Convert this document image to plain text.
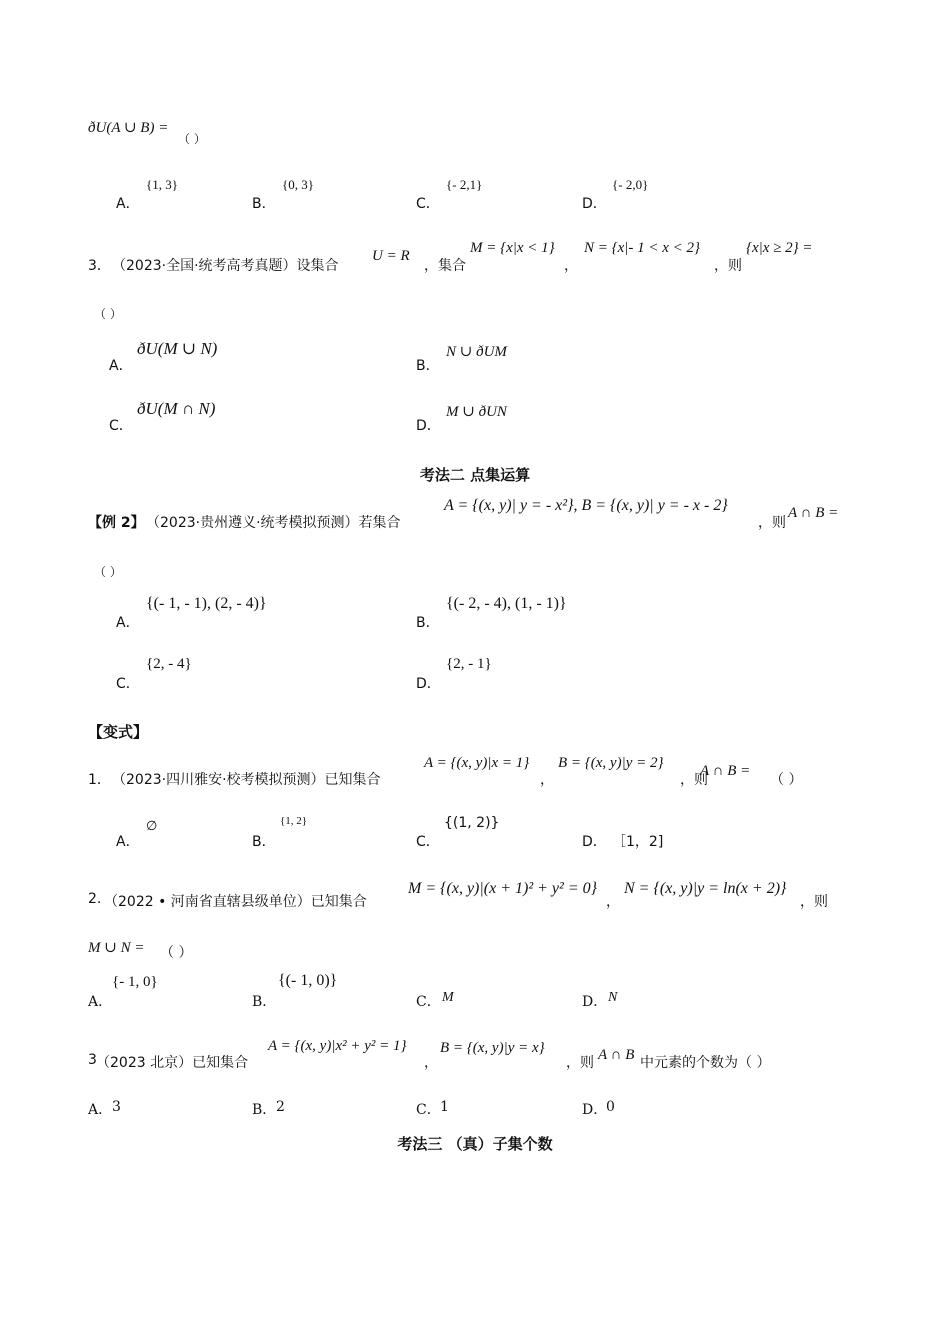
ðU(A ∪ B) =
（ ）
A．
{1, 3}
B．
{0, 3}
C．
{- 2,1}
D．
{- 2,0}
3． （2023·全国·统考高考真题）设集合
U = R
，集合
M = {x|x < 1}
，
N = {x|- 1 < x < 2}
，则
{x|x ≥ 2} =
（ ）
A．
ðU(M ∪ N)
B．
N ∪ ðUM
C．
ðU(M ∩ N)
D．
M ∪ ðUN
考法二 点集运算
【例 2】 （2023·贵州遵义·统考模拟预测）若集合
A = {(x, y)| y = - x²}, B = {(x, y)| y = - x - 2}
，则
A ∩ B =
（ ）
A．
{(- 1, - 1), (2, - 4)}
B．
{(- 2, - 4), (1, - 1)}
C．
{2, - 4}
D．
{2, - 1}
【变式】
1． （2023·四川雅安·校考模拟预测）已知集合
A = {(x, y)|x = 1}
，
B = {(x, y)|y = 2}
，则
A ∩ B =
（ ）
A．
∅
B．
{1, 2}
C．
{(1, 2)}
D． ［1，2]
2. （2022 • 河南省直辖县级单位）已知集合
M = {(x, y)|(x + 1)² + y² = 0}
，
N = {(x, y)|y = ln(x + 2)}
，则
M ∪ N = （ ）
A．
{- 1, 0}
B．
{(- 1, 0)}
C． M	D． N
3 （2023 北京）已知集合
A = {(x, y)|x² + y² = 1}
，
B = {(x, y)|y = x}
，则 A ∩ B 中元素的个数为（ ）
A． 3	B． 2	C． 1	D．
0
考法三 （真）子集个数
